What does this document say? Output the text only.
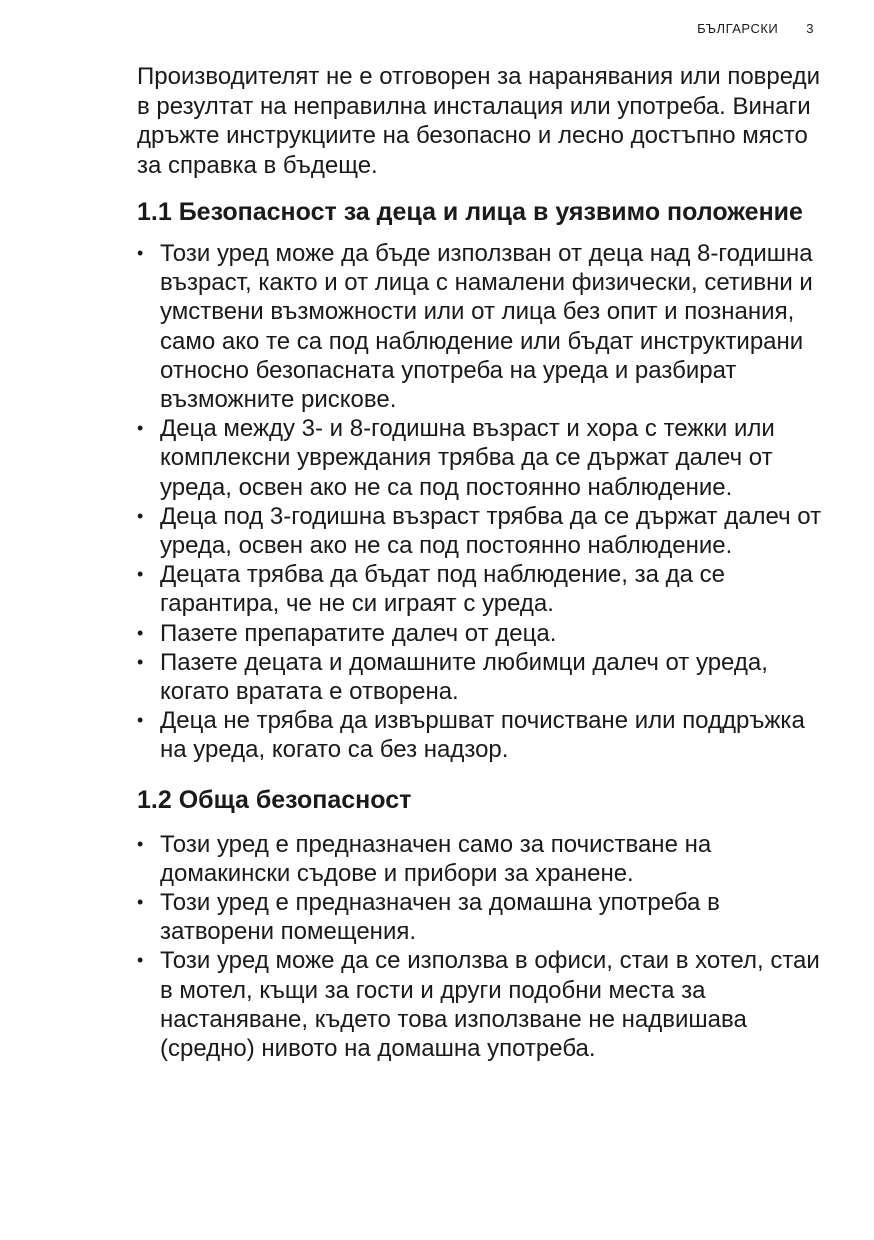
БЪЛГАРСКИ 3

Производителят не е отговорен за наранявания или повреди в резултат на неправилна инсталация или употреба. Винаги дръжте инструкциите на безопасно и лесно достъпно място за справка в бъдеще.

1.1 Безопасност за деца и лица в уязвимо положение
• Този уред може да бъде използван от деца над 8-годишна възраст, както и от лица с намалени физически, сетивни и умствени възможности или от лица без опит и познания, само ако те са под наблюдение или бъдат инструктирани относно безопасната употреба на уреда и разбират възможните рискове.
• Деца между 3- и 8-годишна възраст и хора с тежки или комплексни увреждания трябва да се държат далеч от уреда, освен ако не са под постоянно наблюдение.
• Деца под 3-годишна възраст трябва да се държат далеч от уреда, освен ако не са под постоянно наблюдение.
• Децата трябва да бъдат под наблюдение, за да се гарантира, че не си играят с уреда.
• Пазете препаратите далеч от деца.
• Пазете децата и домашните любимци далеч от уреда, когато вратата е отворена.
• Деца не трябва да извършват почистване или поддръжка на уреда, когато са без надзор.
1.2 Обща безопасност
• Този уред е предназначен само за почистване на домакински съдове и прибори за хранене.
• Този уред е предназначен за домашна употреба в затворени помещения.
• Този уред може да се използва в офиси, стаи в хотел, стаи в мотел, къщи за гости и други подобни места за настаняване, където това използване не надвишава (средно) нивото на домашна употреба.
